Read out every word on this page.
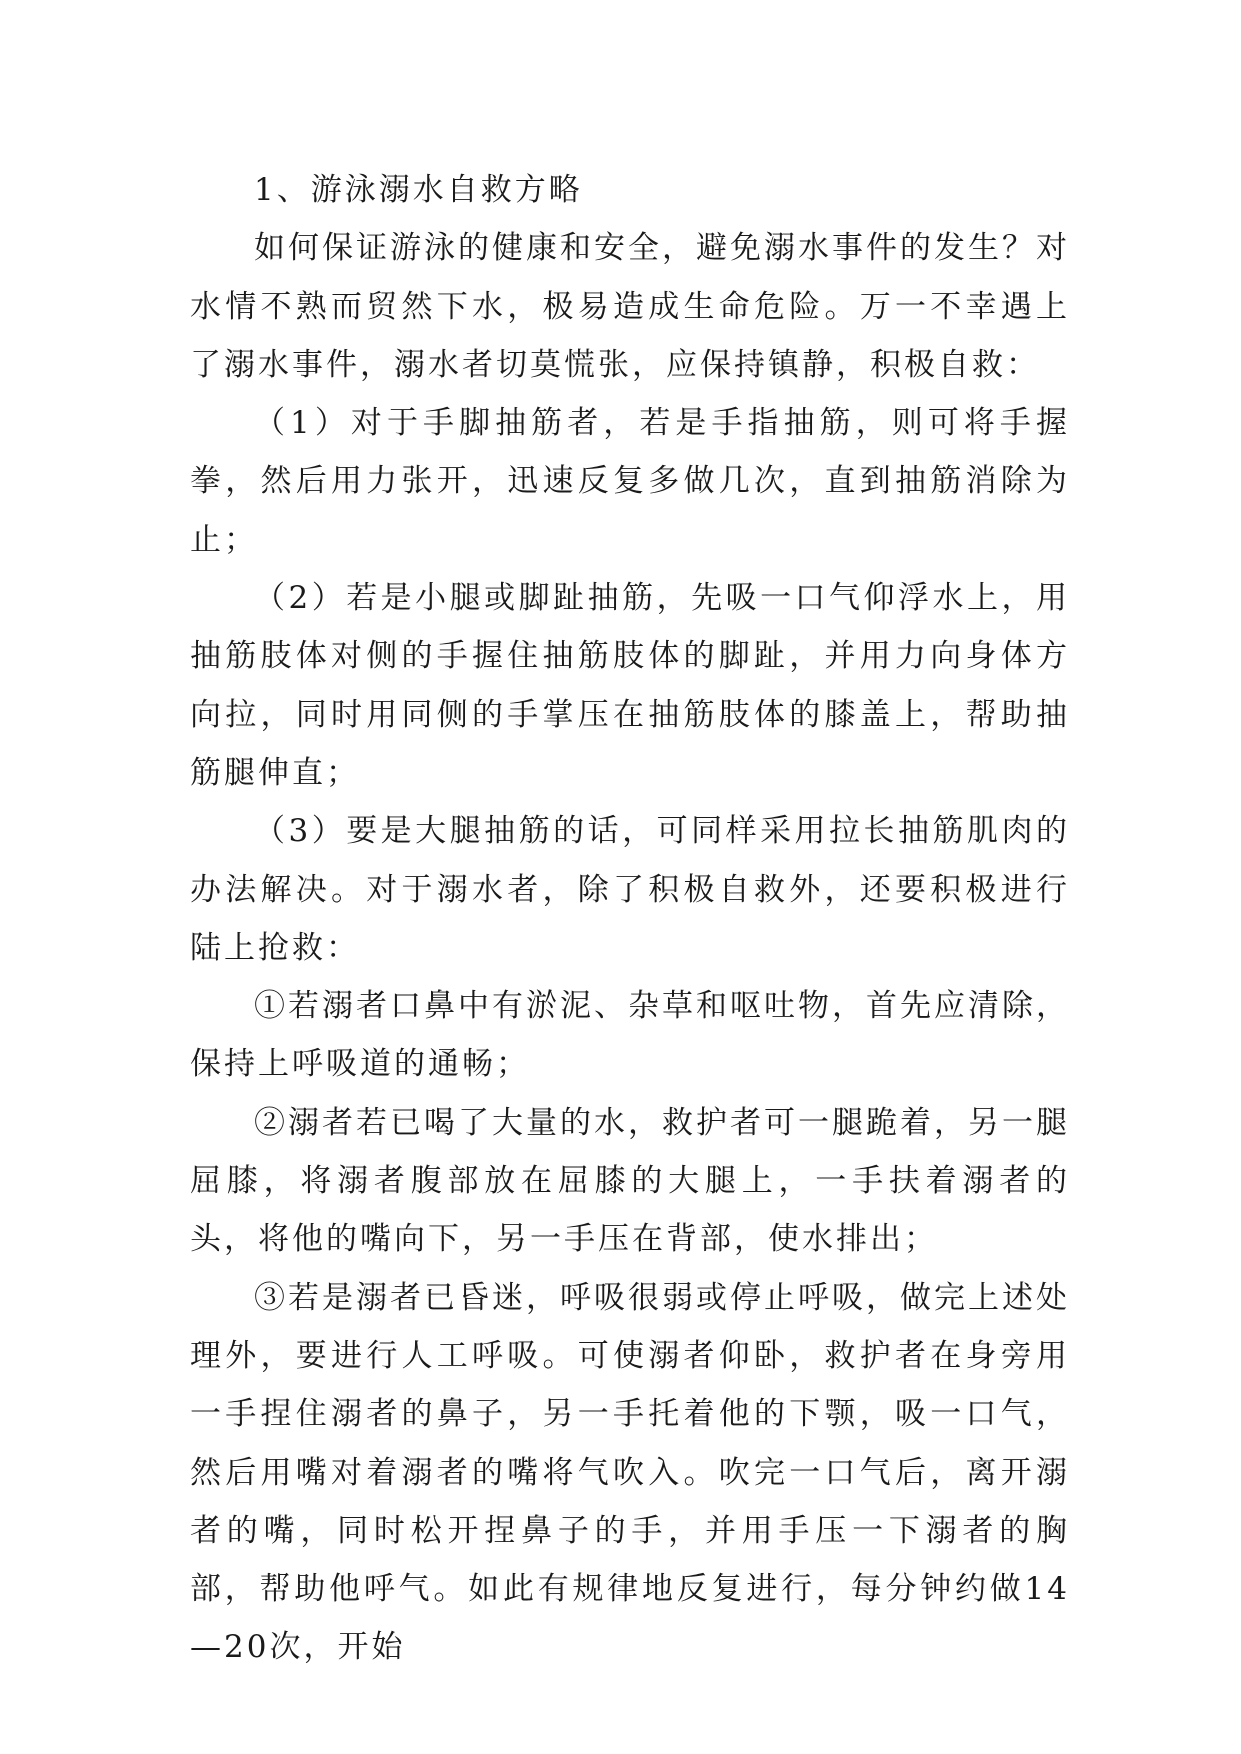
1、游泳溺水自救方略

如何保证游泳的健康和安全，避免溺水事件的发生？对水情不熟而贸然下水，极易造成生命危险。万一不幸遇上了溺水事件，溺水者切莫慌张，应保持镇静，积极自救：

（1）对于手脚抽筋者，若是手指抽筋，则可将手握拳，然后用力张开，迅速反复多做几次，直到抽筋消除为止；

（2）若是小腿或脚趾抽筋，先吸一口气仰浮水上，用抽筋肢体对侧的手握住抽筋肢体的脚趾，并用力向身体方向拉，同时用同侧的手掌压在抽筋肢体的膝盖上，帮助抽筋腿伸直；

（3）要是大腿抽筋的话，可同样采用拉长抽筋肌肉的办法解决。对于溺水者，除了积极自救外，还要积极进行陆上抢救：

①若溺者口鼻中有淤泥、杂草和呕吐物，首先应清除，保持上呼吸道的通畅；

②溺者若已喝了大量的水，救护者可一腿跪着，另一腿屈膝，将溺者腹部放在屈膝的大腿上，一手扶着溺者的头，将他的嘴向下，另一手压在背部，使水排出；

③若是溺者已昏迷，呼吸很弱或停止呼吸，做完上述处理外，要进行人工呼吸。可使溺者仰卧，救护者在身旁用一手捏住溺者的鼻子，另一手托着他的下颚，吸一口气，然后用嘴对着溺者的嘴将气吹入。吹完一口气后，离开溺者的嘴，同时松开捏鼻子的手，并用手压一下溺者的胸部，帮助他呼气。如此有规律地反复进行，每分钟约做14—20次，开始
